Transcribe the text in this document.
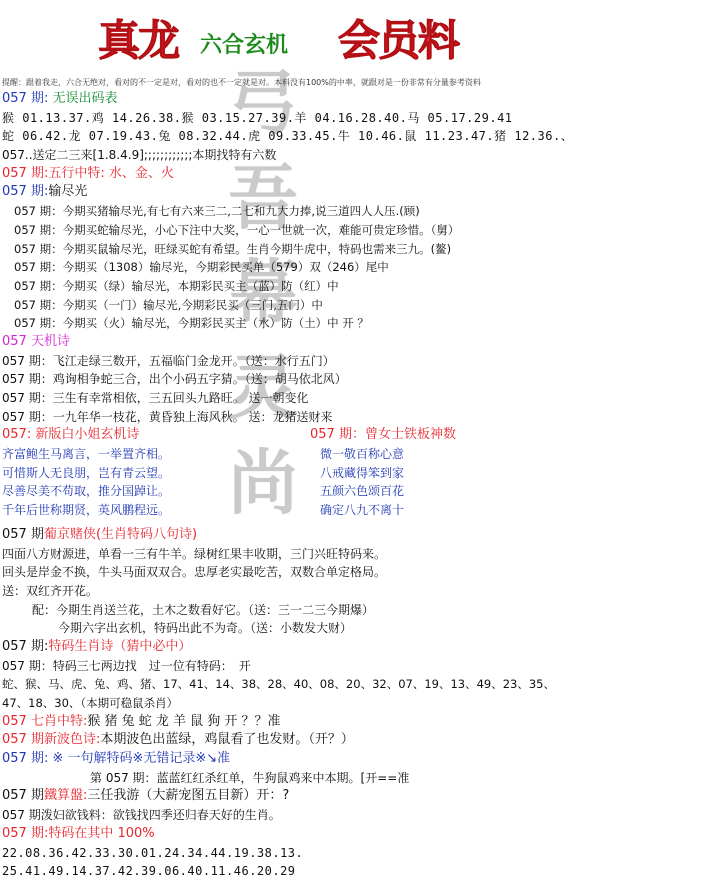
弓
吾
幕
灵
尚
真龙 六合玄机 会员料
提醒：跟着我走，六合无绝对，看对的不一定是对，看对的也不一定就是对。本料没有100%的中率，就跟对是一份非常有分量参考资料
057 期: 无误出码表
猴 01.13.37.鸡 14.26.38.猴 03.15.27.39.羊 04.16.28.40.马 05.17.29.41
蛇 06.42.龙 07.19.43.兔 08.32.44.虎 09.33.45.牛 10.46.鼠 11.23.47.猪 12.36.、
057..送定二三来[1.8.4.9];;;;;;;;;;;;本期找特有六数
057 期:五行中特: 水、金、火
057 期:输尽光
057 期：今期买猪输尽光,有七有六来三二,二七和九大力捧,说三道四人人压.(顾)
057 期：今期买蛇输尽光，小心下注中大奖，一心一世就一次，难能可贵定珍惜。（舅）
057 期：今期买鼠输尽光，旺绿买蛇有希望。生肖今期牛虎中，特码也需来三九。(鳌)
057 期：今期买（1308）输尽光，今期彩民买单（579）双（246）尾中
057 期：今期买（绿）输尽光，本期彩民买主（蓝）防（红）中
057 期：今期买（一门）输尽光,今期彩民买（三门,五门）中
057 期：今期买（火）输尽光，今期彩民买主（水）防（土）中 开 ？
057 天机诗
057 期：飞江走绿三数开，五福临门金龙开。（送：水行五门）
057 期：鸡询相争蛇三合，出个小码五字猜。（送：胡马依北风）
057 期：三生有幸常相依，三五回头九路旺。 送一朝变化
057 期：一九年华一枝花，黄昏独上海风秋。 送：龙猪送财来
057: 新版白小姐玄机诗
齐富鲍生马离言，一举置齐相。
可惜斯人无良朋，岂有青云望。
尽善尽美不苟取，推分国踔让。
千年后世称期贤，英风鹏程远。
057 期：曾女士铁板神数
微一敬百称心意
八戒藏得笨到家
五颜六色颂百花
确定八九不离十
057 期葡京赌侠(生肖特码八句诗)
四面八方财源进，单看一三有牛羊。绿树红果丰收期，三门兴旺特码来。
回头是岸金不换，牛头马面双双合。忠厚老实最吃苦，双数合单定格局。
送：双红齐开花。
配：今期生肖送兰花，土木之数看好它。（送：三一二三今期爆）
今期六字出玄机，特码出此不为奇。（送：小数发大财）
057 期:特码生肖诗（猜中必中）
057 期：特码三七两边找　过一位有特码：　开
蛇、猴、马、虎、兔、鸡、猪、17、41、14、38、28、40、08、20、32、07、19、13、49、23、35、
47、18、30、（本期可稳鼠杀肖）
057 七肖中特:猴 猪 兔 蛇 龙 羊 鼠 狗 开 ？？准
057 期新波色诗:本期波色出蓝绿，鸡鼠看了也发财。（开？）
057 期: ※ 一句解特码※无错记录※↘准
第 057 期：蓝蓝红红杀红单，牛狗鼠鸡来中本期。[开==准
057 期鐵算盤:三任我游（大薪宠图五目新）开：?
057 期泼妇欲钱料：欲钱找四季还归春天好的生肖。
057 期:特码在其中 100%
22.08.36.42.33.30.01.24.34.44.19.38.13.
25.41.49.14.37.42.39.06.40.11.46.20.29
